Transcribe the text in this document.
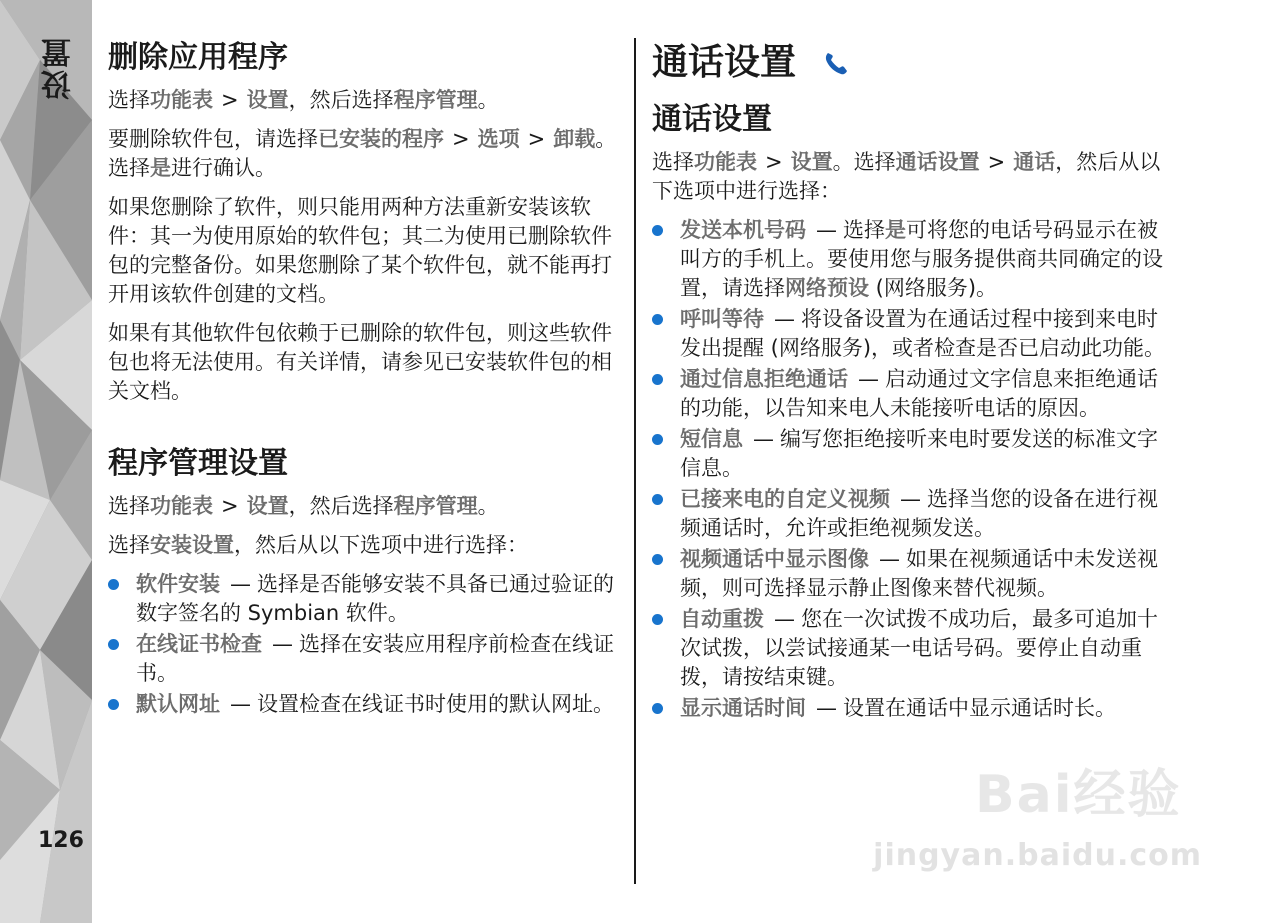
设置
126
删除应用程序

选择功能表 > 设置，然后选择程序管理。

要删除软件包，请选择已安装的程序 > 选项 > 卸载。选择是进行确认。

如果您删除了软件，则只能用两种方法重新安装该软件：其一为使用原始的软件包；其二为使用已删除软件包的完整备份。如果您删除了某个软件包，就不能再打开用该软件创建的文档。

如果有其他软件包依赖于已删除的软件包，则这些软件包也将无法使用。有关详情，请参见已安装软件包的相关文档。

程序管理设置

选择功能表 > 设置，然后选择程序管理。

选择安装设置，然后从以下选项中进行选择：

软件安装 — 选择是否能够安装不具备已通过验证的数字签名的 Symbian 软件。
在线证书检查 — 选择在安装应用程序前检查在线证书。
默认网址 — 设置检查在线证书时使用的默认网址。
通话设置
通话设置

选择功能表 > 设置。选择通话设置 > 通话，然后从以下选项中进行选择：

发送本机号码 — 选择是可将您的电话号码显示在被叫方的手机上。要使用您与服务提供商共同确定的设置，请选择网络预设 (网络服务)。
呼叫等待 — 将设备设置为在通话过程中接到来电时发出提醒 (网络服务)，或者检查是否已启动此功能。
通过信息拒绝通话 — 启动通过文字信息来拒绝通话的功能，以告知来电人未能接听电话的原因。
短信息 — 编写您拒绝接听来电时要发送的标准文字信息。
已接来电的自定义视频 — 选择当您的设备在进行视频通话时，允许或拒绝视频发送。
视频通话中显示图像 — 如果在视频通话中未发送视频，则可选择显示静止图像来替代视频。
自动重拨 — 您在一次试拨不成功后，最多可追加十次试拨，以尝试接通某一电话号码。要停止自动重拨，请按结束键。
显示通话时间 — 设置在通话中显示通话时长。
Bai经验
jingyan.baidu.com
